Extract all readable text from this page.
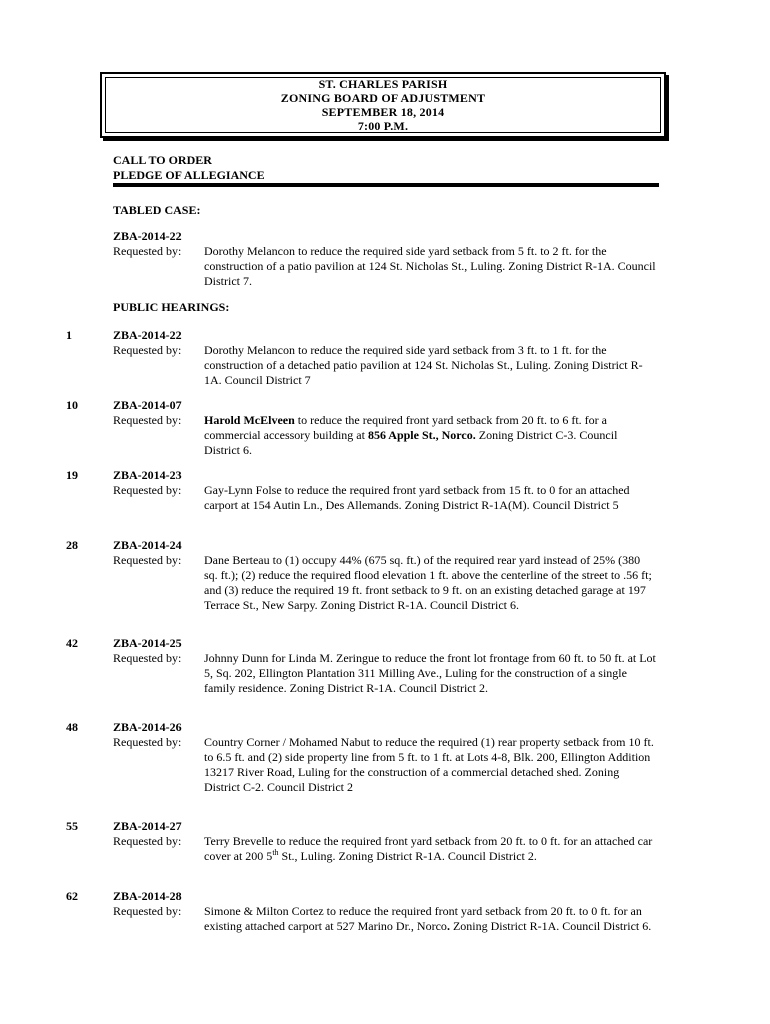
ST. CHARLES PARISH
ZONING BOARD OF ADJUSTMENT
SEPTEMBER 18, 2014
7:00 P.M.
CALL TO ORDER
PLEDGE OF ALLEGIANCE
TABLED CASE:
ZBA-2014-22
Requested by: Dorothy Melancon to reduce the required side yard setback from 5 ft. to 2 ft. for the construction of a patio pavilion at 124 St. Nicholas St., Luling. Zoning District R-1A. Council District 7.
PUBLIC HEARINGS:
1	ZBA-2014-22
Requested by: Dorothy Melancon to reduce the required side yard setback from 3 ft. to 1 ft. for the construction of a detached patio pavilion at 124 St. Nicholas St., Luling. Zoning District R-1A. Council District 7
10	ZBA-2014-07
Requested by: Harold McElveen to reduce the required front yard setback from 20 ft. to 6 ft. for a commercial accessory building at 856 Apple St., Norco. Zoning District C-3. Council District 6.
19	ZBA-2014-23
Requested by: Gay-Lynn Folse to reduce the required front yard setback from 15 ft. to 0 for an attached carport at 154 Autin Ln., Des Allemands. Zoning District R-1A(M). Council District 5
28	ZBA-2014-24
Requested by: Dane Berteau to (1) occupy 44% (675 sq. ft.) of the required rear yard instead of 25% (380 sq. ft.); (2) reduce the required flood elevation 1 ft. above the centerline of the street to .56 ft; and (3) reduce the required 19 ft. front setback to 9 ft. on an existing detached garage at 197 Terrace St., New Sarpy. Zoning District R-1A. Council District 6.
42	ZBA-2014-25
Requested by: Johnny Dunn for Linda M. Zeringue to reduce the front lot frontage from 60 ft. to 50 ft. at Lot 5, Sq. 202, Ellington Plantation 311 Milling Ave., Luling for the construction of a single family residence. Zoning District R-1A. Council District 2.
48	ZBA-2014-26
Requested by: Country Corner / Mohamed Nabut to reduce the required (1) rear property setback from 10 ft. to 6.5 ft. and (2) side property line from 5 ft. to 1 ft. at Lots 4-8, Blk. 200, Ellington Addition 13217 River Road, Luling for the construction of a commercial detached shed. Zoning District C-2. Council District 2
55	ZBA-2014-27
Requested by: Terry Brevelle to reduce the required front yard setback from 20 ft. to 0 ft. for an attached car cover at 200 5th St., Luling. Zoning District R-1A. Council District 2.
62	ZBA-2014-28
Requested by: Simone & Milton Cortez to reduce the required front yard setback from 20 ft. to 0 ft. for an existing attached carport at 527 Marino Dr., Norco. Zoning District R-1A. Council District 6.
